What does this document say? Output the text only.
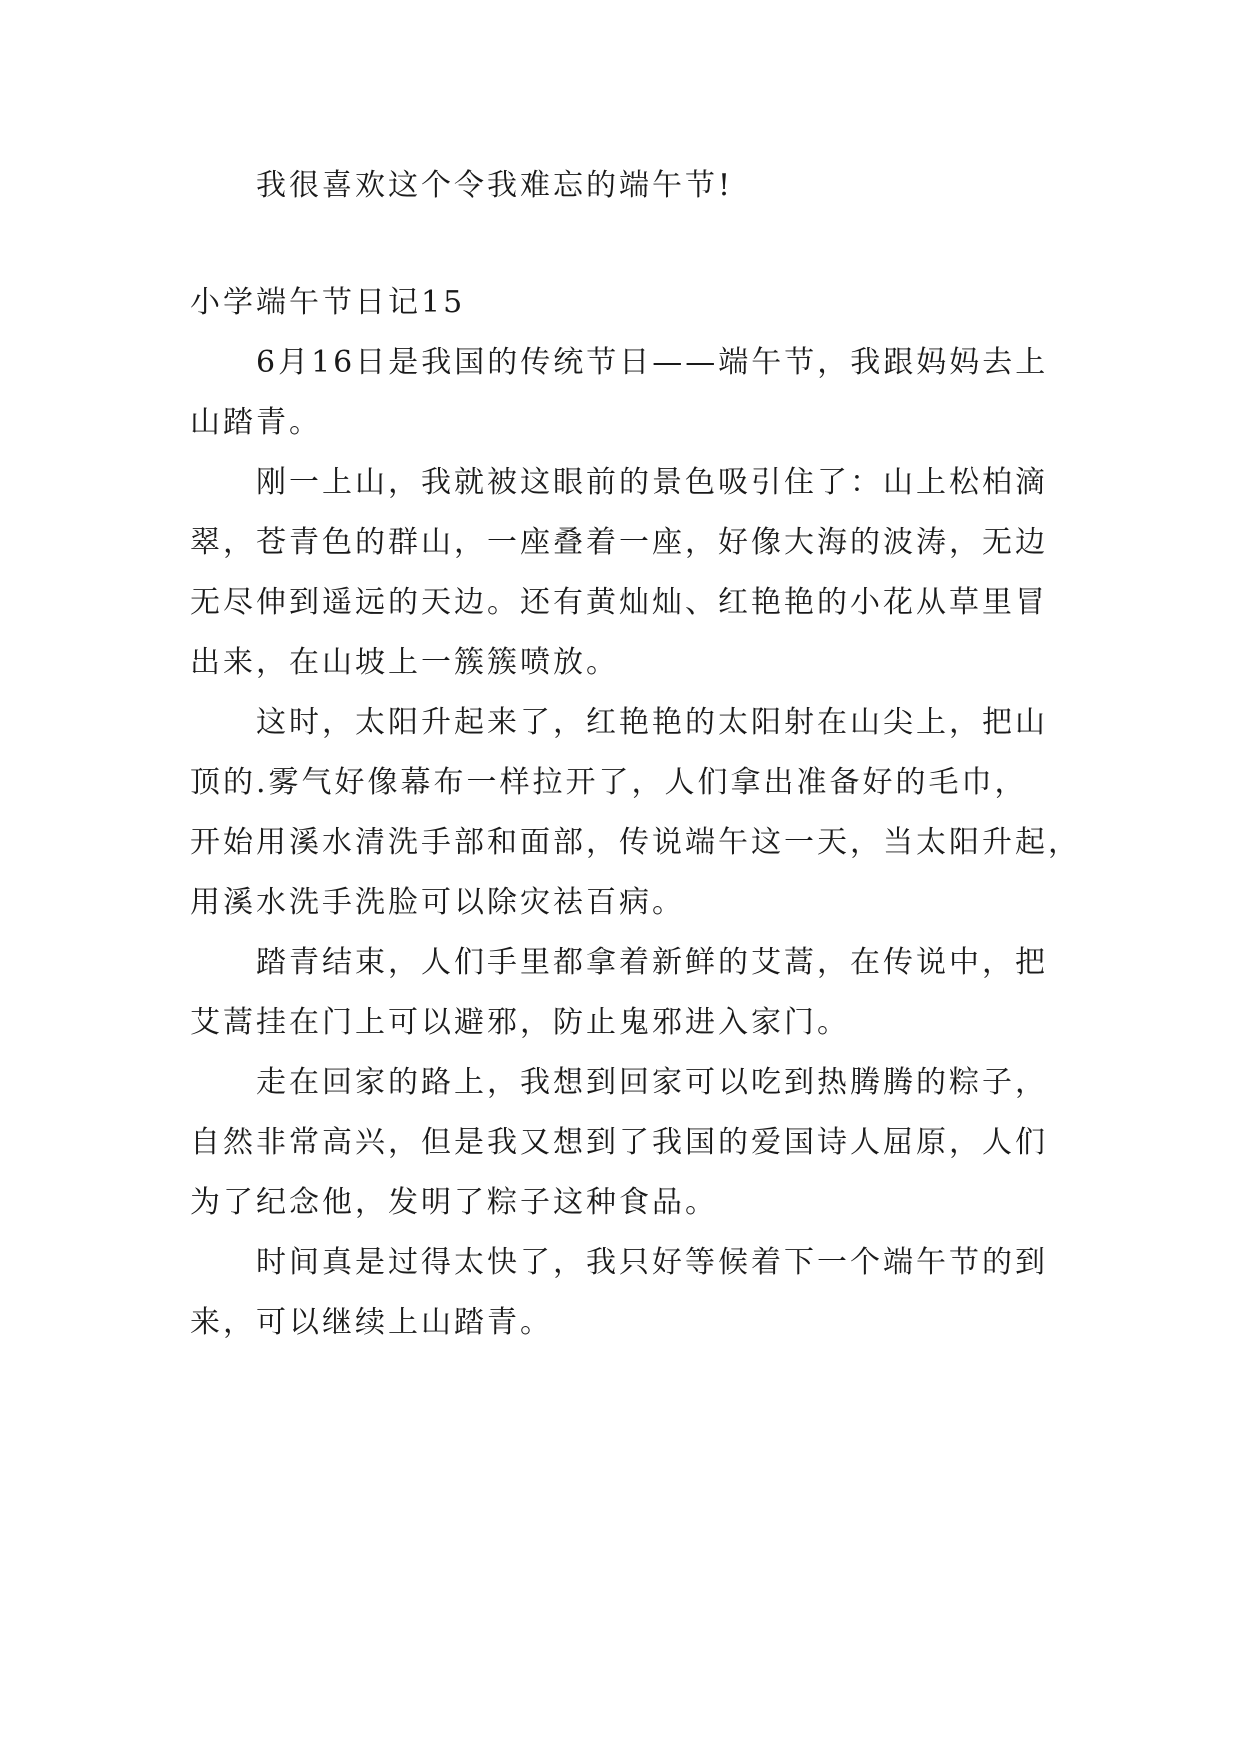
我很喜欢这个令我难忘的端午节!
小学端午节日记15
6月16日是我国的传统节日——端午节，我跟妈妈去上
山踏青。
刚一上山，我就被这眼前的景色吸引住了：山上松柏滴
翠，苍青色的群山，一座叠着一座，好像大海的波涛，无边
无尽伸到遥远的天边。还有黄灿灿、红艳艳的小花从草里冒
出来，在山坡上一簇簇喷放。
这时，太阳升起来了，红艳艳的太阳射在山尖上，把山
顶的.雾气好像幕布一样拉开了，人们拿出准备好的毛巾，
开始用溪水清洗手部和面部，传说端午这一天，当太阳升起，
用溪水洗手洗脸可以除灾祛百病。
踏青结束，人们手里都拿着新鲜的艾蒿，在传说中，把
艾蒿挂在门上可以避邪，防止鬼邪进入家门。
走在回家的路上，我想到回家可以吃到热腾腾的粽子，
自然非常高兴，但是我又想到了我国的爱国诗人屈原，人们
为了纪念他，发明了粽子这种食品。
时间真是过得太快了，我只好等候着下一个端午节的到
来，可以继续上山踏青。
